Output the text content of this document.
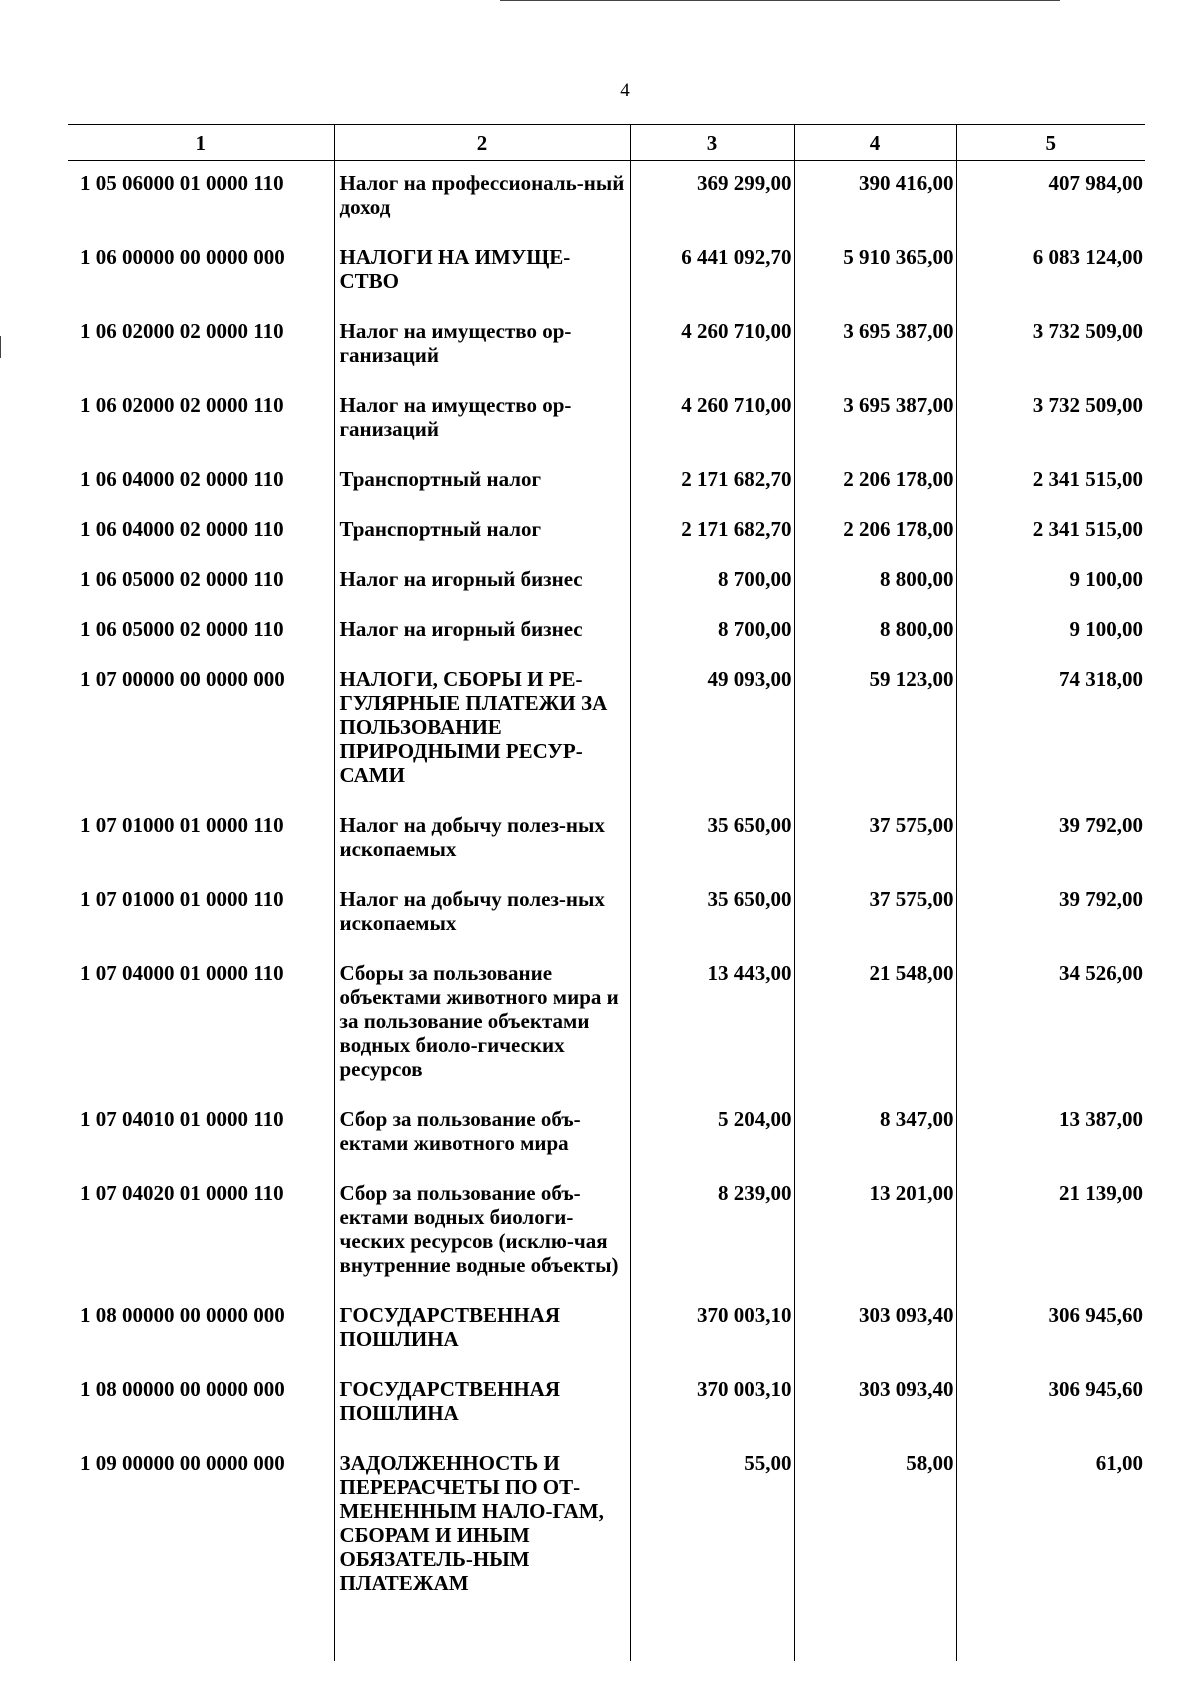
4
1	2	3	4	5
1 05 06000 01 0000 110	Налог на профессиональ-ный доход	369 299,00	390 416,00	407 984,00
1 06 00000 00 0000 000	НАЛОГИ НА ИМУЩЕ-СТВО	6 441 092,70	5 910 365,00	6 083 124,00
1 06 02000 02 0000 110	Налог на имущество ор-ганизаций	4 260 710,00	3 695 387,00	3 732 509,00
1 06 02000 02 0000 110	Налог на имущество ор-ганизаций	4 260 710,00	3 695 387,00	3 732 509,00
1 06 04000 02 0000 110	Транспортный налог	2 171 682,70	2 206 178,00	2 341 515,00
1 06 04000 02 0000 110	Транспортный налог	2 171 682,70	2 206 178,00	2 341 515,00
1 06 05000 02 0000 110	Налог на игорный бизнес	8 700,00	8 800,00	9 100,00
1 06 05000 02 0000 110	Налог на игорный бизнес	8 700,00	8 800,00	9 100,00
1 07 00000 00 0000 000	НАЛОГИ, СБОРЫ И РЕ-ГУЛЯРНЫЕ ПЛАТЕЖИ ЗА ПОЛЬЗОВАНИЕ ПРИРОДНЫМИ РЕСУР-САМИ	49 093,00	59 123,00	74 318,00
1 07 01000 01 0000 110	Налог на добычу полез-ных ископаемых	35 650,00	37 575,00	39 792,00
1 07 01000 01 0000 110	Налог на добычу полез-ных ископаемых	35 650,00	37 575,00	39 792,00
1 07 04000 01 0000 110	Сборы за пользование объектами животного мира и за пользование объектами водных биоло-гических ресурсов	13 443,00	21 548,00	34 526,00
1 07 04010 01 0000 110	Сбор за пользование объ-ектами животного мира	5 204,00	8 347,00	13 387,00
1 07 04020 01 0000 110	Сбор за пользование объ-ектами водных биологи-ческих ресурсов (исклю-чая внутренние водные объекты)	8 239,00	13 201,00	21 139,00
1 08 00000 00 0000 000	ГОСУДАРСТВЕННАЯ ПОШЛИНА	370 003,10	303 093,40	306 945,60
1 08 00000 00 0000 000	ГОСУДАРСТВЕННАЯ ПОШЛИНА	370 003,10	303 093,40	306 945,60
1 09 00000 00 0000 000	ЗАДОЛЖЕННОСТЬ И ПЕРЕРАСЧЕТЫ ПО ОТ-МЕНЕННЫМ НАЛО-ГАМ, СБОРАМ И ИНЫМ ОБЯЗАТЕЛЬ-НЫМ ПЛАТЕЖАМ	55,00	58,00	61,00
